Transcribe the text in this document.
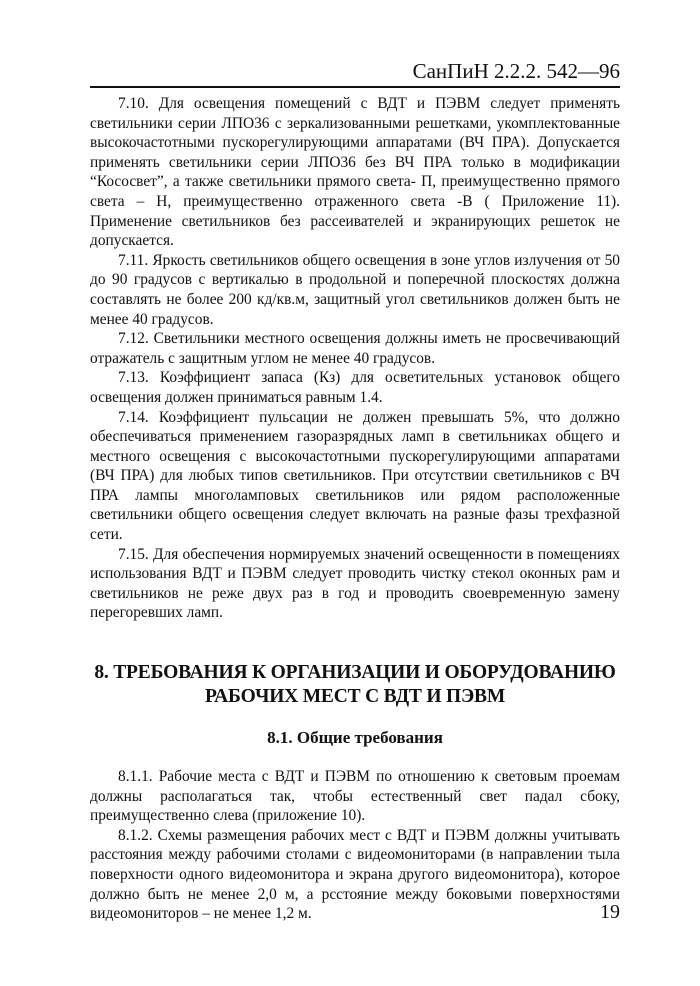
СанПиН 2.2.2. 542—96

7.10. Для освещения помещений с ВДТ и ПЭВМ следует применять светильники серии ЛПО36 с зеркализованными решетками, укомплектованные высокочастотными пускорегулирующими аппаратами (ВЧ ПРА). Допускается применять светильники серии ЛПО36 без ВЧ ПРА только в модификации “Кососвет”, а также светильники прямого света- П, преимущественно прямого света – Н, преимущественно отраженного света -В ( Приложение 11). Применение светильников без рассеивателей и экранирующих решеток не допускается.

7.11. Яркость светильников общего освещения в зоне углов излучения от 50 до 90 градусов с вертикалью в продольной и поперечной плоскостях должна составлять не более 200 кд/кв.м, защитный угол светильников должен быть не менее 40 градусов.

7.12. Светильники местного освещения должны иметь не просвечивающий отражатель с защитным углом не менее 40 градусов.

7.13. Коэффициент запаса (Кз) для осветительных установок общего освещения должен приниматься равным 1.4.

7.14. Коэффициент пульсации не должен превышать 5%, что должно обеспечиваться применением газоразрядных ламп в светильниках общего и местного освещения с высокочастотными пускорегулирующими аппаратами (ВЧ ПРА) для любых типов светильников. При отсутствии светильников с ВЧ ПРА лампы многоламповых светильников или рядом расположенные светильники общего освещения следует включать на разные фазы трехфазной сети.

7.15. Для обеспечения нормируемых значений освещенности в помещениях использования ВДТ и ПЭВМ следует проводить чистку стекол оконных рам и светильников не реже двух раз в год и проводить своевременную замену перегоревших ламп.

8. ТРЕБОВАНИЯ К ОРГАНИЗАЦИИ И ОБОРУДОВАНИЮ
РАБОЧИХ МЕСТ С ВДТ И ПЭВМ
8.1. Общие требования

8.1.1. Рабочие места с ВДТ и ПЭВМ по отношению к световым проемам должны располагаться так, чтобы естественный свет падал сбоку, преимущественно слева (приложение 10).

8.1.2. Схемы размещения рабочих мест с ВДТ и ПЭВМ должны учитывать расстояния между рабочими столами с видеомониторами (в направлении тыла поверхности одного видеомонитора и экрана другого видеомонитора), которое должно быть не менее 2,0 м, а рсстояние между боковыми поверхностями видеомониторов – не менее 1,2 м.	19
